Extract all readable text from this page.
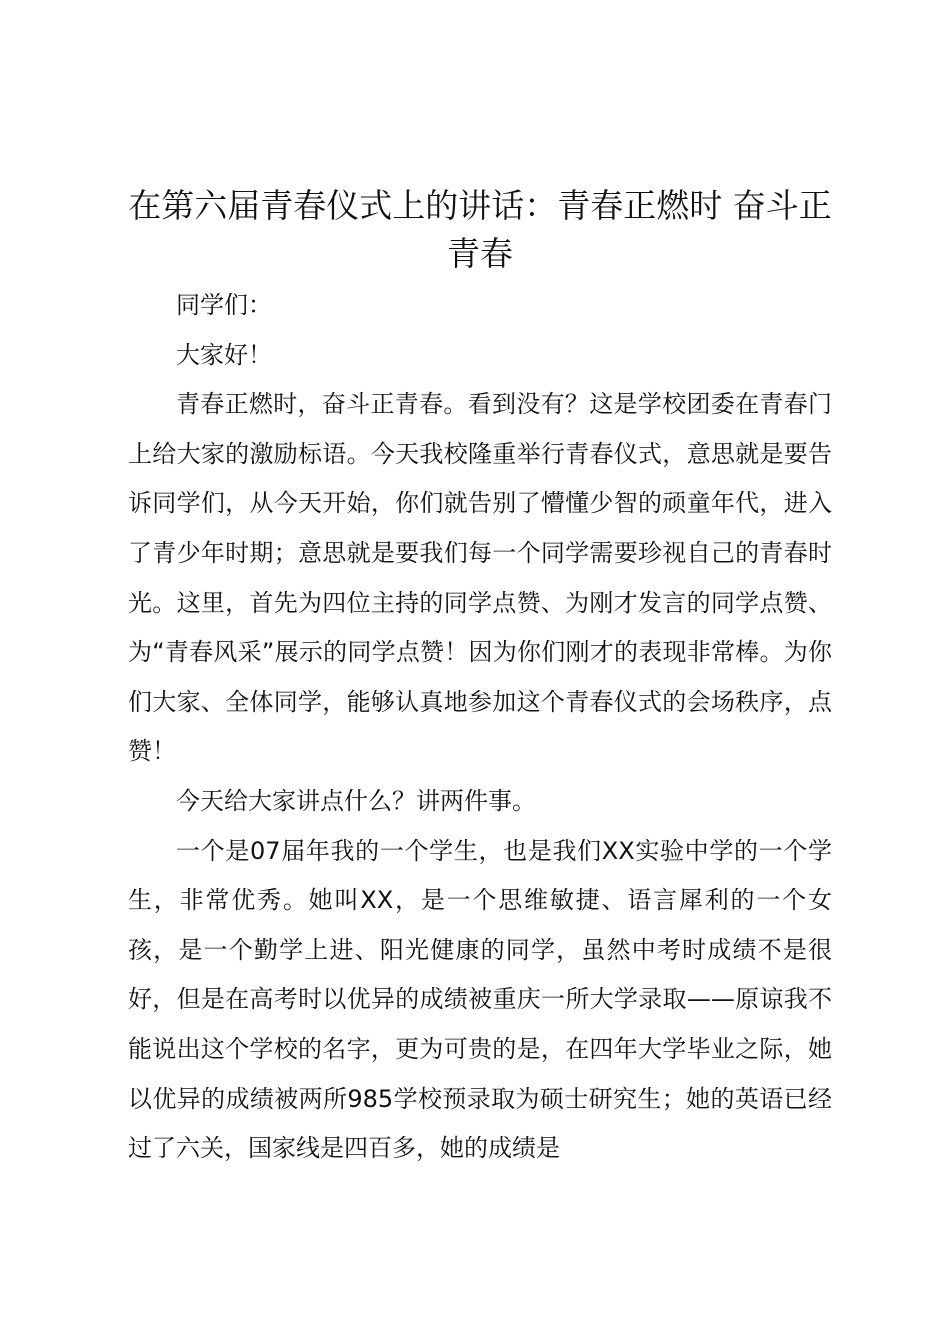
在第六届青春仪式上的讲话：青春正燃时 奋斗正青春

同学们：

大家好！

青春正燃时，奋斗正青春。看到没有？这是学校团委在青春门上给大家的激励标语。今天我校隆重举行青春仪式，意思就是要告诉同学们，从今天开始，你们就告别了懵懂少智的顽童年代，进入了青少年时期；意思就是要我们每一个同学需要珍视自己的青春时光。这里，首先为四位主持的同学点赞、为刚才发言的同学点赞、为“青春风采”展示的同学点赞！因为你们刚才的表现非常棒。为你们大家、全体同学，能够认真地参加这个青春仪式的会场秩序，点赞！

今天给大家讲点什么？讲两件事。

一个是07届年我的一个学生，也是我们XX实验中学的一个学生，非常优秀。她叫XX，是一个思维敏捷、语言犀利的一个女孩，是一个勤学上进、阳光健康的同学，虽然中考时成绩不是很好，但是在高考时以优异的成绩被重庆一所大学录取——原谅我不能说出这个学校的名字，更为可贵的是，在四年大学毕业之际，她以优异的成绩被两所985学校预录取为硕士研究生；她的英语已经过了六关，国家线是四百多，她的成绩是
